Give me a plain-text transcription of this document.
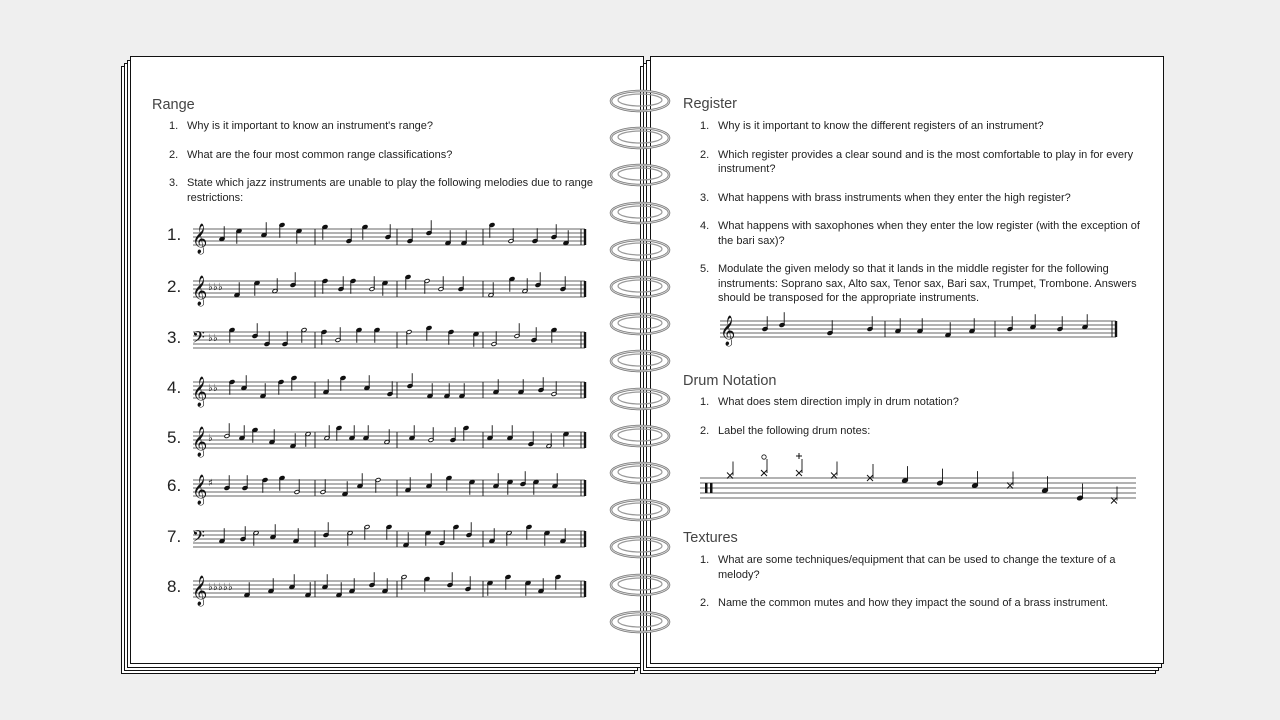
Range
1. Why is it important to know an instrument's range?
2. What are the four most common range classifications?
3. State which jazz instruments are unable to play the following melodies due to range restrictions:
1. 𝄞
2. 𝄞 ♭ ♭ ♭
3. 𝄢 ♭ ♭
4. 𝄞 ♭ ♭
5. 𝄞 ♭
6. 𝄞 ♯
7. 𝄢
8. 𝄞 ♭ ♭ ♭ ♭ ♭
Register
1. Why is it important to know the different registers of an instrument?
2. Which register provides a clear sound and is the most comfortable to play in for every instrument?
3. What happens with brass instruments when they enter the high register?
4. What happens with saxophones when they enter the low register (with the exception of the bari sax)?
5. Modulate the given melody so that it lands in the middle register for the following instruments: Soprano sax, Alto sax, Tenor sax, Bari sax, Trumpet, Trombone. Answers should be transposed for the appropriate instruments.
𝄞
Drum Notation
1. What does stem direction imply in drum notation?
2. Label the following drum notes:
Textures
1. What are some techniques/equipment that can be used to change the texture of a melody?
2. Name the common mutes and how they impact the sound of a brass instrument.
